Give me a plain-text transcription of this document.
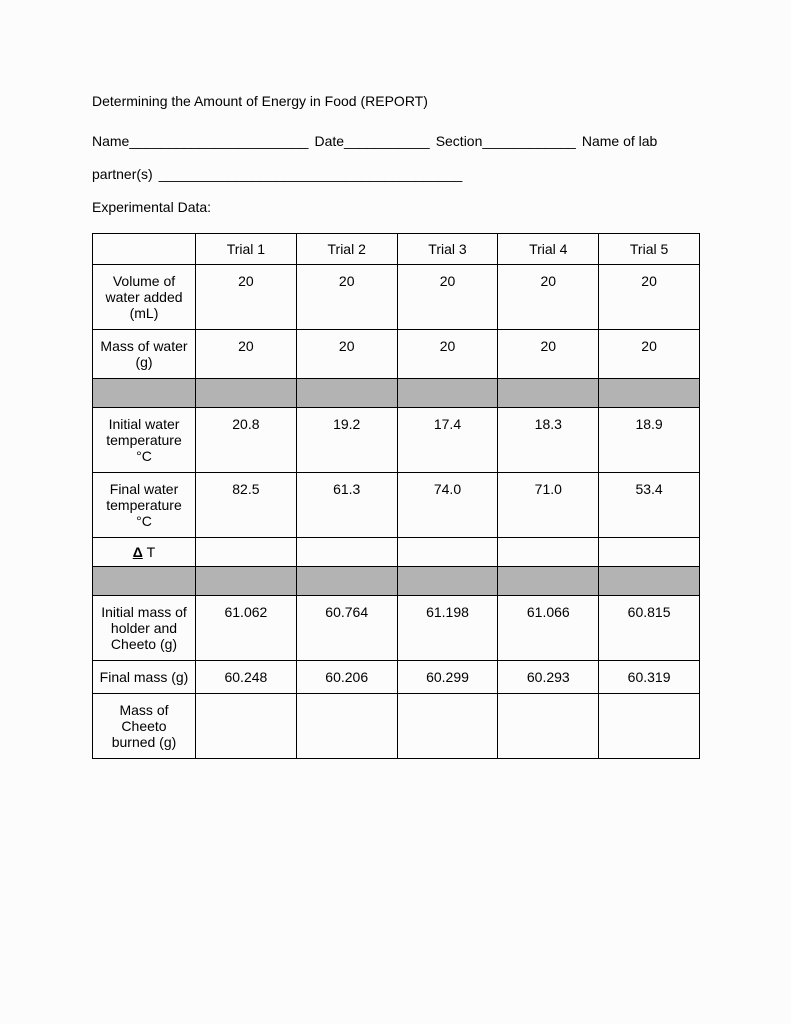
Determining the Amount of Energy in Food (REPORT)
Name_______________________ Date___________ Section____________ Name of lab
partner(s) _______________________________________
Experimental Data:
	Trial 1	Trial 2	Trial 3	Trial 4	Trial 5
Volume of water added (mL)	20	20	20	20	20
Mass of water (g)	20	20	20	20	20

Initial water temperature °C	20.8	19.2	17.4	18.3	18.9
Final water temperature °C	82.5	61.3	74.0	71.0	53.4
Δ T					

Initial mass of holder and Cheeto (g)	61.062	60.764	61.198	61.066	60.815
Final mass (g)	60.248	60.206	60.299	60.293	60.319
Mass of Cheeto burned (g)					
